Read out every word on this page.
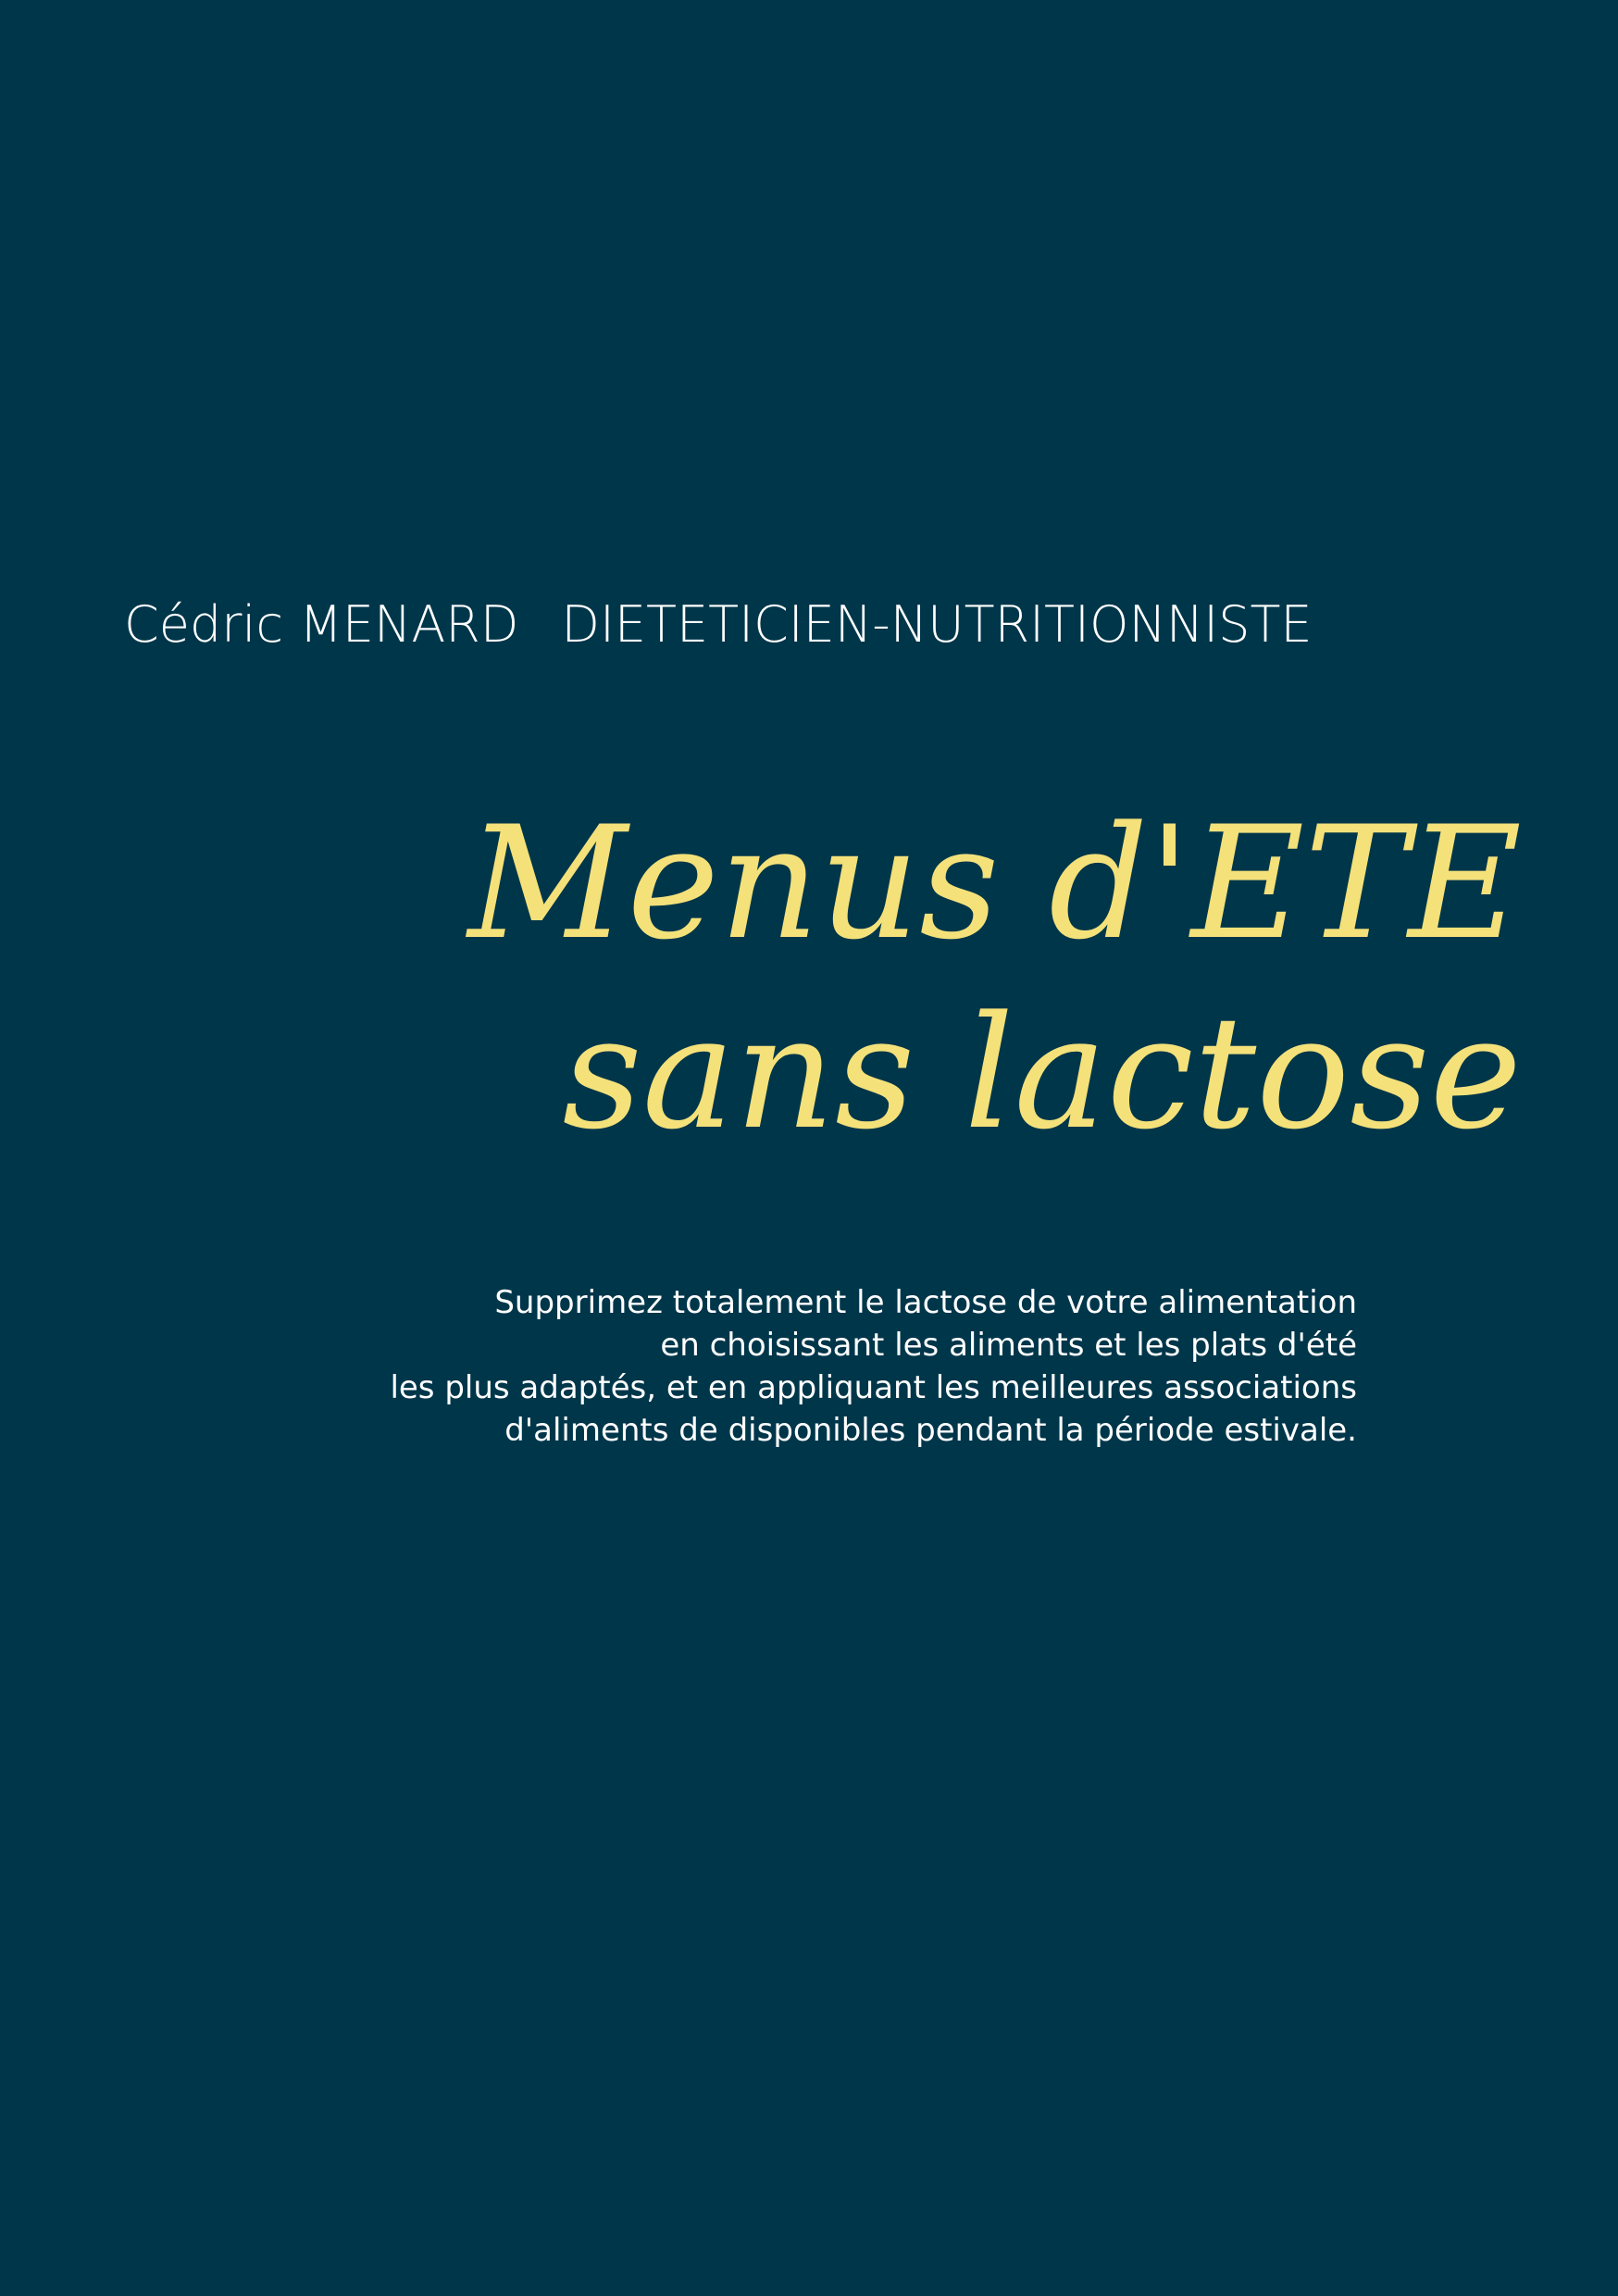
Cédric MENARD DIETETICIEN-NUTRITIONNISTE
Menus d'ETE
sans lactose
Supprimez totalement le lactose de votre alimentation
en choisissant les aliments et les plats d'été
les plus adaptés, et en appliquant les meilleures associations
d'aliments de disponibles pendant la période estivale.
